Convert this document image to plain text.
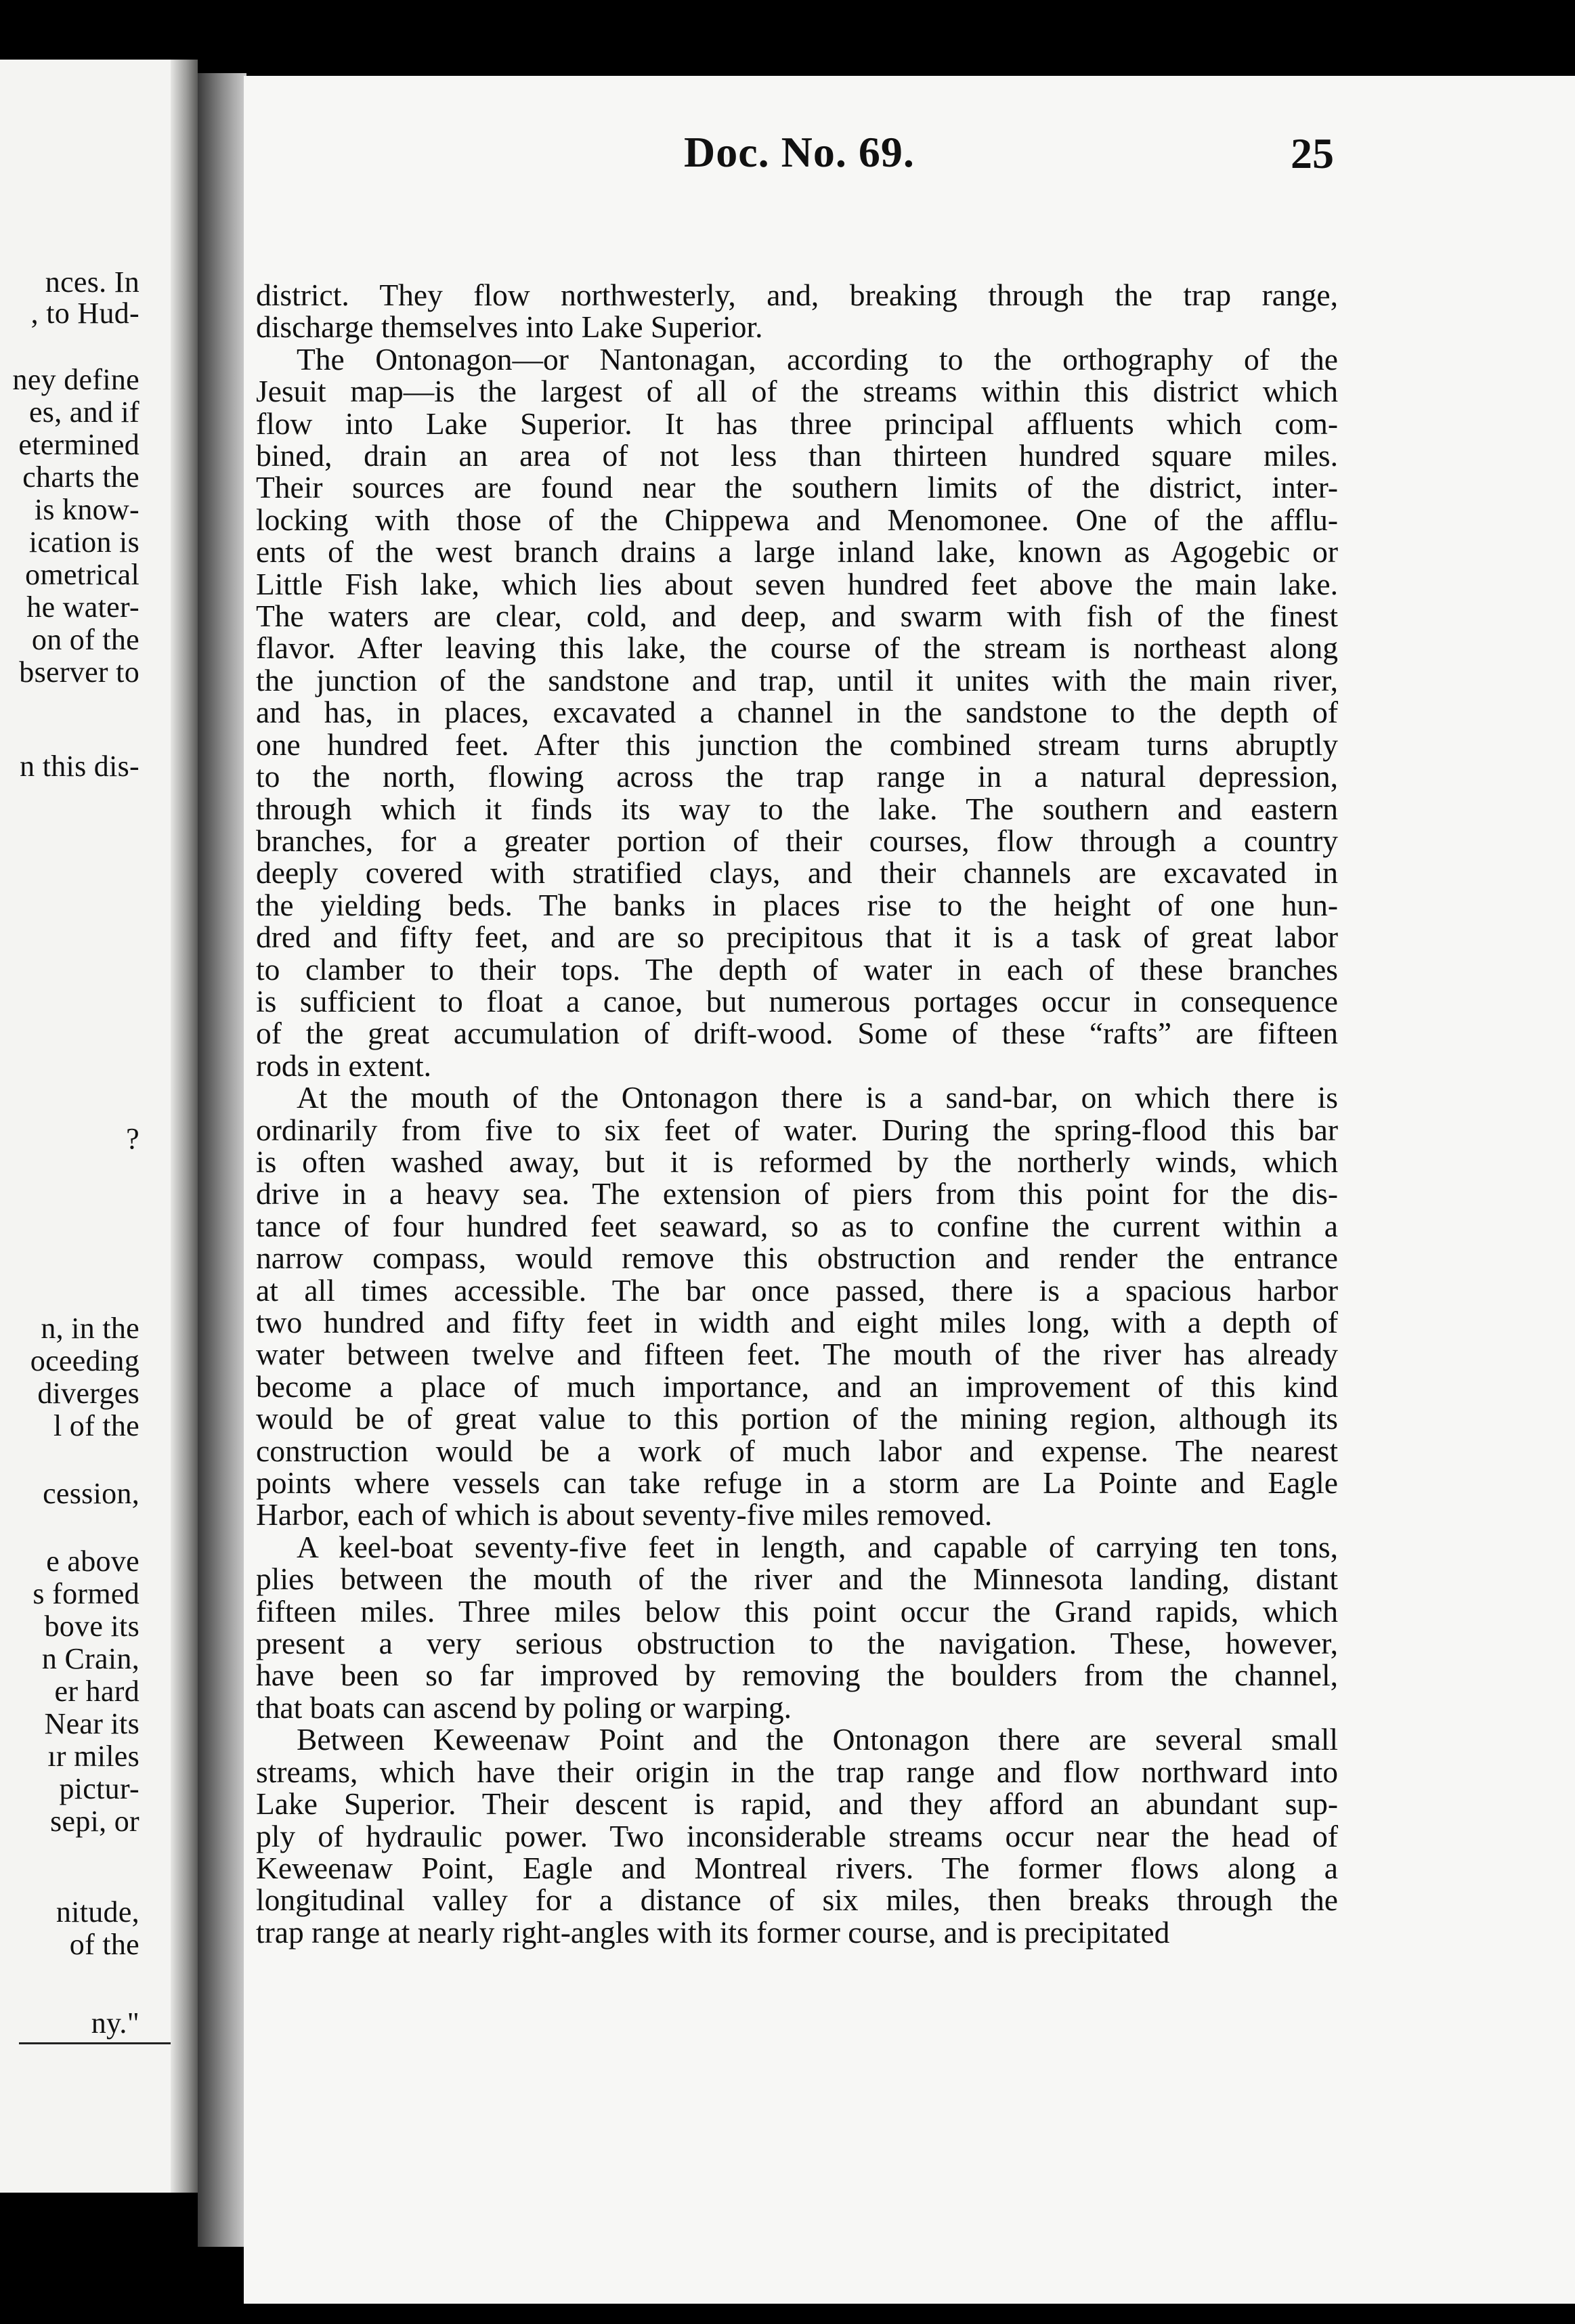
nces. In
, to Hud-
ney define
es, and if
etermined
charts the
is know-
ication is
ometrical
he water-
on of the
bserver to
n this dis-
?
n, in the
oceeding
diverges
l of the
cession,
e above
s formed
bove its
n Crain,
er hard
Near its
ır miles
pictur-
sepi, or
nitude,
of the
ny."
Doc. No. 69.	25
district. They flow northwesterly, and, breaking through the trap range,
discharge themselves into Lake Superior.
The Ontonagon—or Nantonagan, according to the orthography of the
Jesuit map—is the largest of all of the streams within this district which
flow into Lake Superior. It has three principal affluents which com-
bined, drain an area of not less than thirteen hundred square miles.
Their sources are found near the southern limits of the district, inter-
locking with those of the Chippewa and Menomonee. One of the afflu-
ents of the west branch drains a large inland lake, known as Agogebic or
Little Fish lake, which lies about seven hundred feet above the main lake.
The waters are clear, cold, and deep, and swarm with fish of the finest
flavor. After leaving this lake, the course of the stream is northeast along
the junction of the sandstone and trap, until it unites with the main river,
and has, in places, excavated a channel in the sandstone to the depth of
one hundred feet. After this junction the combined stream turns abruptly
to the north, flowing across the trap range in a natural depression,
through which it finds its way to the lake. The southern and eastern
branches, for a greater portion of their courses, flow through a country
deeply covered with stratified clays, and their channels are excavated in
the yielding beds. The banks in places rise to the height of one hun-
dred and fifty feet, and are so precipitous that it is a task of great labor
to clamber to their tops. The depth of water in each of these branches
is sufficient to float a canoe, but numerous portages occur in consequence
of the great accumulation of drift-wood. Some of these “rafts” are fifteen
rods in extent.
At the mouth of the Ontonagon there is a sand-bar, on which there is
ordinarily from five to six feet of water. During the spring-flood this bar
is often washed away, but it is reformed by the northerly winds, which
drive in a heavy sea. The extension of piers from this point for the dis-
tance of four hundred feet seaward, so as to confine the current within a
narrow compass, would remove this obstruction and render the entrance
at all times accessible. The bar once passed, there is a spacious harbor
two hundred and fifty feet in width and eight miles long, with a depth of
water between twelve and fifteen feet. The mouth of the river has already
become a place of much importance, and an improvement of this kind
would be of great value to this portion of the mining region, although its
construction would be a work of much labor and expense. The nearest
points where vessels can take refuge in a storm are La Pointe and Eagle
Harbor, each of which is about seventy-five miles removed.
A keel-boat seventy-five feet in length, and capable of carrying ten tons,
plies between the mouth of the river and the Minnesota landing, distant
fifteen miles. Three miles below this point occur the Grand rapids, which
present a very serious obstruction to the navigation. These, however,
have been so far improved by removing the boulders from the channel,
that boats can ascend by poling or warping.
Between Keweenaw Point and the Ontonagon there are several small
streams, which have their origin in the trap range and flow northward into
Lake Superior. Their descent is rapid, and they afford an abundant sup-
ply of hydraulic power. Two inconsiderable streams occur near the head of
Keweenaw Point, Eagle and Montreal rivers. The former flows along a
longitudinal valley for a distance of six miles, then breaks through the
trap range at nearly right-angles with its former course, and is precipitated
